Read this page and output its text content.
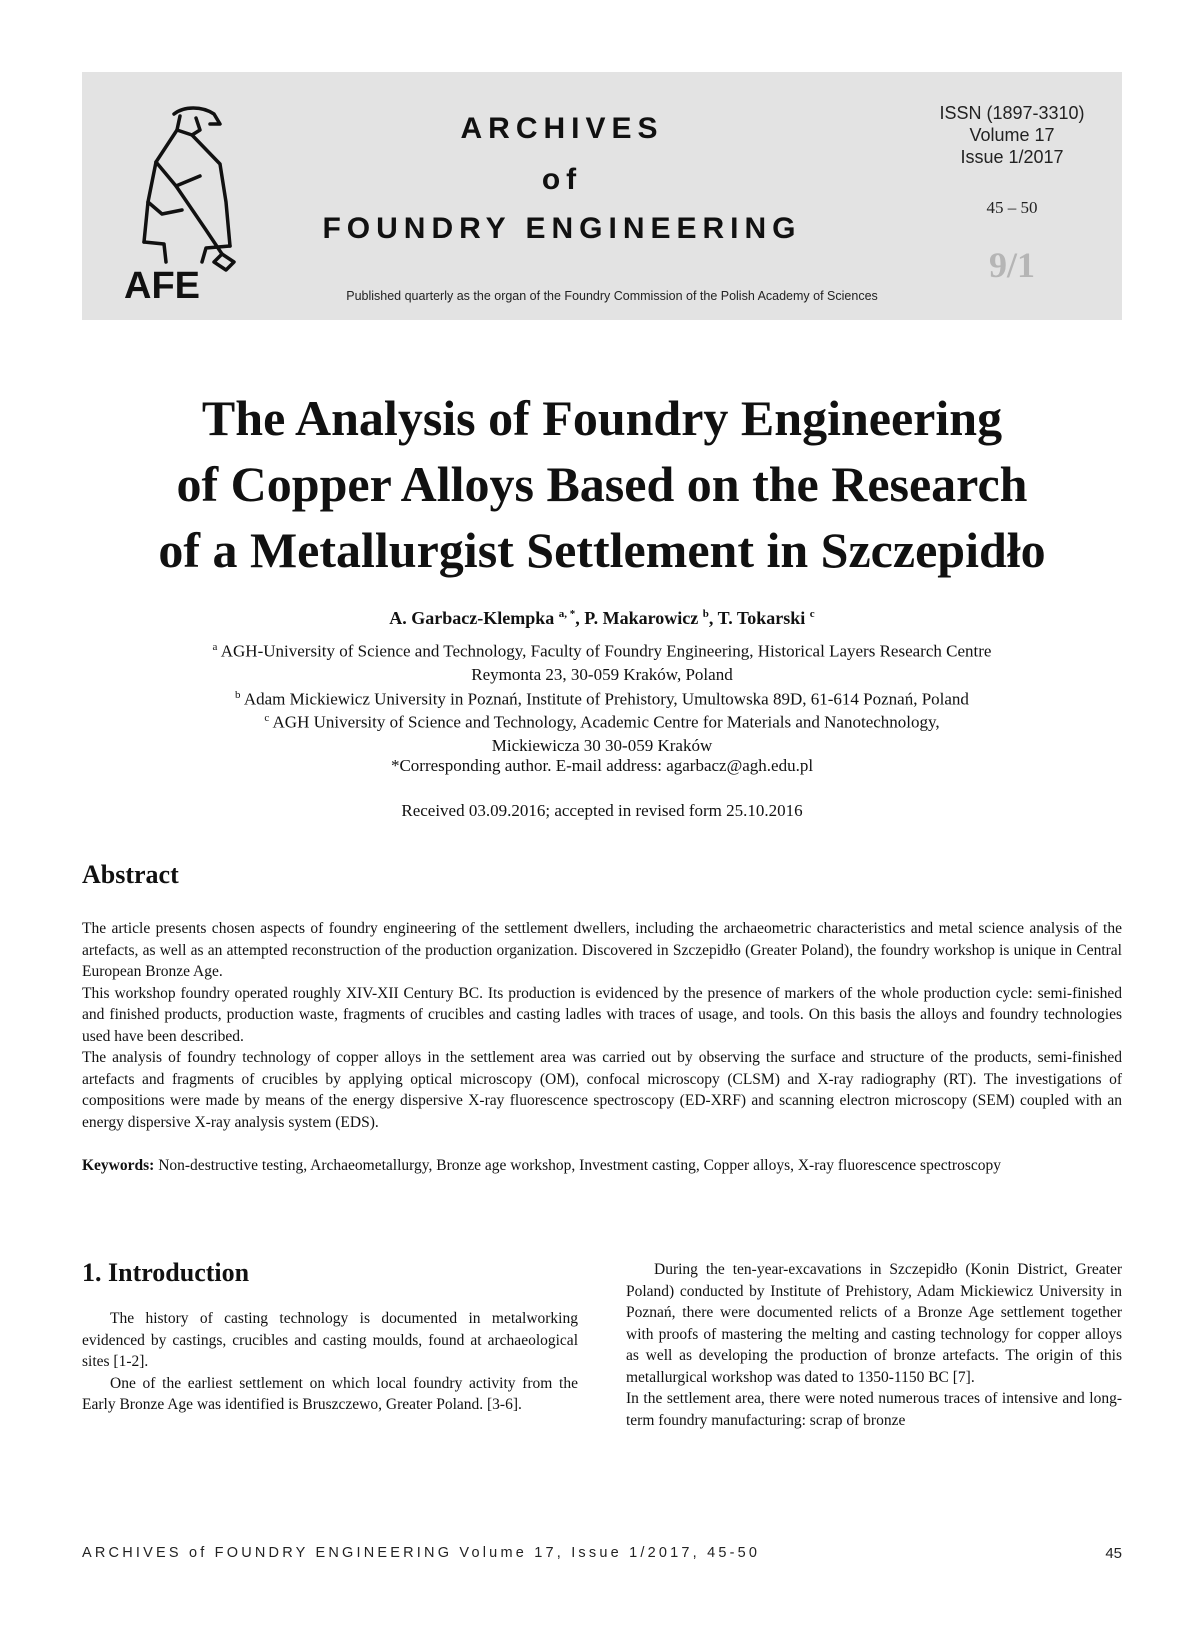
AFE
ARCHIVES
of
FOUNDRY ENGINEERING
Published quarterly as the organ of the Foundry Commission of the Polish Academy of Sciences
ISSN (1897-3310)
Volume 17
Issue 1/2017
45 – 50
9/1
The Analysis of Foundry Engineering
of Copper Alloys Based on the Research
of a Metallurgist Settlement in Szczepidło
A. Garbacz-Klempka $^{a, *}$, P. Makarowicz $^b$, T. Tokarski $^c$
$^a$ AGH-University of Science and Technology, Faculty of Foundry Engineering, Historical Layers Research Centre
Reymonta 23, 30-059 Kraków, Poland
$^b$ Adam Mickiewicz University in Poznań, Institute of Prehistory, Umultowska 89D, 61-614 Poznań, Poland
$^c$ AGH University of Science and Technology, Academic Centre for Materials and Nanotechnology,
Mickiewicza 30 30-059 Kraków
*Corresponding author. E-mail address: agarbacz@agh.edu.pl
Received 03.09.2016; accepted in revised form 25.10.2016
Abstract

The article presents chosen aspects of foundry engineering of the settlement dwellers, including the archaeometric characteristics and metal science analysis of the artefacts, as well as an attempted reconstruction of the production organization. Discovered in Szczepidło (Greater Poland), the foundry workshop is unique in Central European Bronze Age.

This workshop foundry operated roughly XIV-XII Century BC. Its production is evidenced by the presence of markers of the whole production cycle: semi-finished and finished products, production waste, fragments of crucibles and casting ladles with traces of usage, and tools. On this basis the alloys and foundry technologies used have been described.

The analysis of foundry technology of copper alloys in the settlement area was carried out by observing the surface and structure of the products, semi-finished artefacts and fragments of crucibles by applying optical microscopy (OM), confocal microscopy (CLSM) and X-ray radiography (RT). The investigations of compositions were made by means of the energy dispersive X-ray fluorescence spectroscopy (ED-XRF) and scanning electron microscopy (SEM) coupled with an energy dispersive X-ray analysis system (EDS).

Keywords: Non-destructive testing, Archaeometallurgy, Bronze age workshop, Investment casting, Copper alloys, X-ray fluorescence spectroscopy
1. Introduction

The history of casting technology is documented in metalworking evidenced by castings, crucibles and casting moulds, found at archaeological sites [1-2].

One of the earliest settlement on which local foundry activity from the Early Bronze Age was identified is Bruszczewo, Greater Poland. [3-6].

During the ten-year-excavations in Szczepidło (Konin District, Greater Poland) conducted by Institute of Prehistory, Adam Mickiewicz University in Poznań, there were documented relicts of a Bronze Age settlement together with proofs of mastering the melting and casting technology for copper alloys as well as developing the production of bronze artefacts. The origin of this metallurgical workshop was dated to 1350-1150 BC [7].

In the settlement area, there were noted numerous traces of intensive and long-term foundry manufacturing: scrap of bronze

ARCHIVES of FOUNDRY ENGINEERING Volume 17, Issue 1/2017, 45-50	45
